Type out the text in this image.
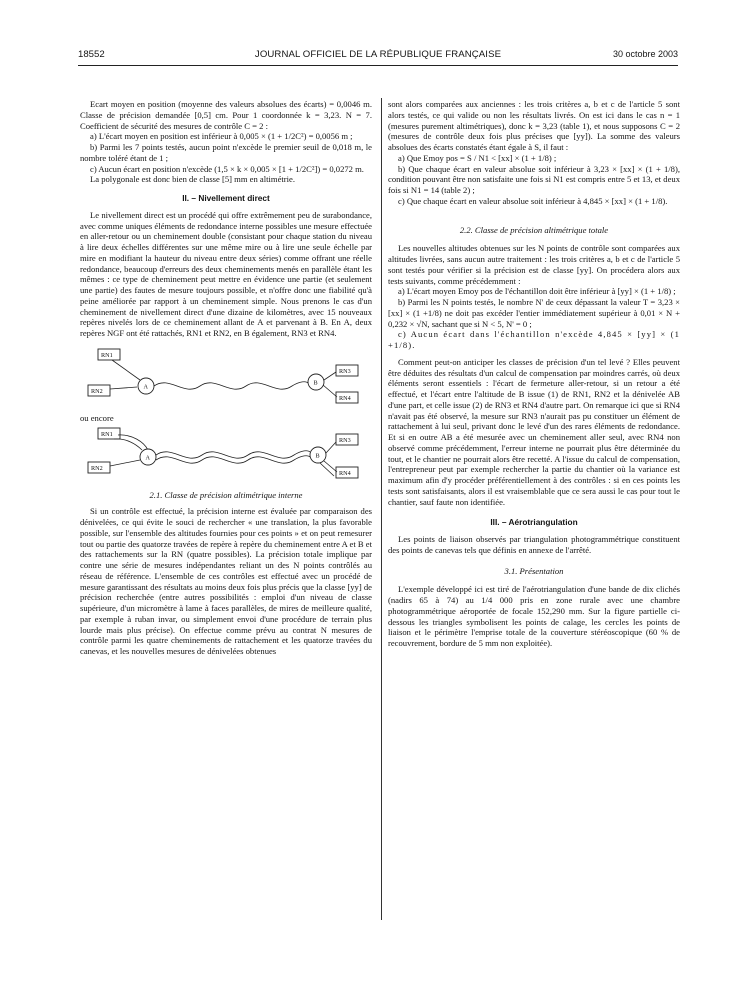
18552	JOURNAL OFFICIEL DE LA RÉPUBLIQUE FRANÇAISE	30 octobre 2003

Ecart moyen en position (moyenne des valeurs absolues des écarts) = 0,0046 m. Classe de précision demandée [0,5] cm. Pour 1 coordonnée k = 3,23. N = 7. Coefficient de sécurité des mesures de contrôle C = 2 :

a) L'écart moyen en position est inférieur à 0,005 × (1 + 1/2C²) = 0,0056 m ;

b) Parmi les 7 points testés, aucun point n'excède le premier seuil de 0,018 m, le nombre toléré étant de 1 ;

c) Aucun écart en position n'excède (1,5 × k × 0,005 × [1 + 1/2C²]) = 0,0272 m.

La polygonale est donc bien de classe [5] mm en altimétrie.

II. – Nivellement direct

Le nivellement direct est un procédé qui offre extrêmement peu de surabondance, avec comme uniques éléments de redondance interne possibles une mesure effectuée en aller-retour ou un cheminement double (consistant pour chaque station du niveau à lire deux échelles différentes sur une même mire ou à lire une seule échelle par mire en modifiant la hauteur du niveau entre deux séries) comme offrant une réelle redondance, beaucoup d'erreurs des deux cheminements menés en parallèle étant les mêmes : ce type de cheminement peut mettre en évidence une partie (et seulement une partie) des fautes de mesure toujours possible, et n'offre donc une fiabilité qu'à peine améliorée par rapport à un cheminement simple. Nous prenons le cas d'un cheminement de nivellement direct d'une dizaine de kilomètres, avec 15 nouveaux repères nivelés lors de ce cheminement allant de A et parvenant à B. En A, deux repères NGF ont été rattachés, RN1 et RN2, en B également, RN3 et RN4.

RN1
RN2
A
B
RN3
RN4

ou encore

RN1
RN2
A	B
RN3
RN4

2.1. Classe de précision altimétrique interne

Si un contrôle est effectué, la précision interne est évaluée par comparaison des dénivelées, ce qui évite le souci de rechercher « une translation, la plus favorable possible, sur l'ensemble des altitudes fournies pour ces points » et on peut remesurer tout ou partie des quatorze travées de repère à repère du cheminement entre A et B et des rattachements sur la RN (quatre possibles). La précision totale implique par contre une série de mesures indépendantes reliant un des N points contrôlés au réseau de référence. L'ensemble de ces contrôles est effectué avec un procédé de mesure garantissant des résultats au moins deux fois plus précis que la classe [yy] de précision recherchée (entre autres possibilités : emploi d'un niveau de classe supérieure, d'un micromètre à lame à faces parallèles, de mires de meilleure qualité, par exemple à ruban invar, ou simplement envoi d'une procédure de terrain plus lourde mais plus précise). On effectue comme prévu au contrat N mesures de contrôle parmi les quatre cheminements de rattachement et les quatorze travées du canevas, et les nouvelles mesures de dénivelées obtenues

sont alors comparées aux anciennes : les trois critères a, b et c de l'article 5 sont alors testés, ce qui valide ou non les résultats livrés. On est ici dans le cas n = 1 (mesures purement altimétriques), donc k = 3,23 (table 1), et nous supposons C = 2 (mesures de contrôle deux fois plus précises que [yy]). La somme des valeurs absolues des écarts constatés étant égale à S, il faut :

a) Que Emoy pos = S / N1 < [xx] × (1 + 1/8) ;

b) Que chaque écart en valeur absolue soit inférieur à 3,23 × [xx] × (1 + 1/8), condition pouvant être non satisfaite une fois si N1 est compris entre 5 et 13, et deux fois si N1 = 14 (table 2) ;

c) Que chaque écart en valeur absolue soit inférieur à 4,845 × [xx] × (1 + 1/8).

2.2. Classe de précision altimétrique totale

Les nouvelles altitudes obtenues sur les N points de contrôle sont comparées aux altitudes livrées, sans aucun autre traitement : les trois critères a, b et c de l'article 5 sont testés pour vérifier si la précision est de classe [yy]. On procédera alors aux tests suivants, comme précédemment :

a) L'écart moyen Emoy pos de l'échantillon doit être inférieur à [yy] × (1 + 1/8) ;

b) Parmi les N points testés, le nombre N' de ceux dépassant la valeur T = 3,23 × [xx] × (1 +1/8) ne doit pas excéder l'entier immédiatement supérieur à 0,01 × N + 0,232 × √N, sachant que si N < 5, N' = 0 ;

c) Aucun écart dans l'échantillon n'excède 4,845 × [yy] × (1 +1/8).

Comment peut-on anticiper les classes de précision d'un tel levé ? Elles peuvent être déduites des résultats d'un calcul de compensation par moindres carrés, où deux éléments seront essentiels : l'écart de fermeture aller-retour, si un retour a été effectué, et l'écart entre l'altitude de B issue (1) de RN1, RN2 et la dénivelée AB d'une part, et celle issue (2) de RN3 et RN4 d'autre part. On remarque ici que si RN4 n'avait pas été observé, la mesure sur RN3 n'aurait pas pu constituer un élément de rattachement à lui seul, privant donc le levé d'un des rares éléments de redondance. Et si en outre AB a été mesurée avec un cheminement aller seul, avec RN4 non observé comme précédemment, l'erreur interne ne pourrait plus être déterminée du tout, et le chantier ne pourrait alors être recetté. A l'issue du calcul de compensation, l'entrepreneur peut par exemple rechercher la partie du chantier où la variance est maximum afin d'y procéder préférentiellement à des contrôles : si en ces points les tests sont satisfaisants, alors il est vraisemblable que ce sera aussi le cas pour tout le chantier, sauf faute non identifiée.

III. – Aérotriangulation

Les points de liaison observés par triangulation photogrammétrique constituent des points de canevas tels que définis en annexe de l'arrêté.

3.1. Présentation

L'exemple développé ici est tiré de l'aérotriangulation d'une bande de dix clichés (nadirs 65 à 74) au 1/4 000 pris en zone rurale avec une chambre photogrammétrique aéroportée de focale 152,290 mm. Sur la figure partielle ci-dessous les triangles symbolisent les points de calage, les cercles les points de liaison et le périmètre l'emprise totale de la couverture stéréoscopique (60 % de recouvrement, bordure de 5 mm non exploitée).
